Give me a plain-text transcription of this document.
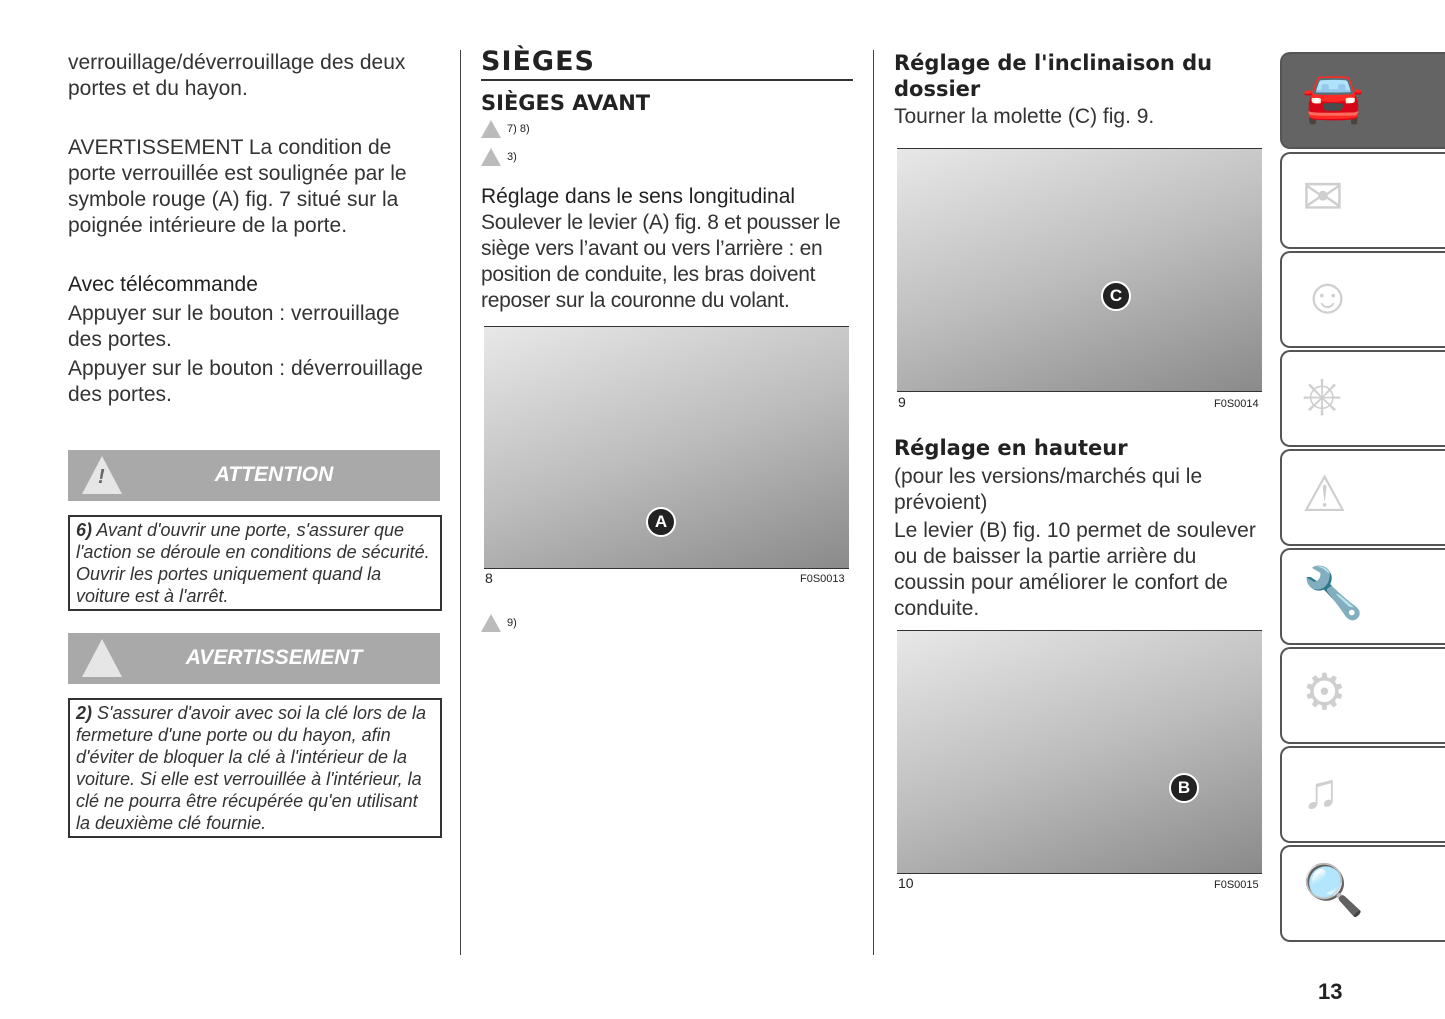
verrouillage/déverrouillage des deux portes et du hayon.

AVERTISSEMENT La condition de porte verrouillée est soulignée par le symbole rouge (A) fig. 7 situé sur la poignée intérieure de la porte.

Avec télécommande

Appuyer sur le bouton : verrouillage des portes.

Appuyer sur le bouton : déverrouillage des portes.

!	ATTENTION
6) Avant d'ouvrir une porte, s'assurer que l'action se déroule en conditions de sécurité. Ouvrir les portes uniquement quand la voiture est à l'arrêt.
AVERTISSEMENT
2) S'assurer d'avoir avec soi la clé lors de la fermeture d'une porte ou du hayon, afin d'éviter de bloquer la clé à l'intérieur de la voiture. Si elle est verrouillée à l'intérieur, la clé ne pourra être récupérée qu'en utilisant la deuxième clé fournie.
SIÈGES
SIÈGES AVANT
7) 8)
3)
Réglage dans le sens longitudinal

Soulever le levier (A) fig. 8 et pousser le siège vers l’avant ou vers l’arrière : en position de conduite, les bras doivent reposer sur la couronne du volant.

A
8	F0S0013
9)
Réglage de l'inclinaison du dossier

Tourner la molette (C) fig. 9.

C
9	F0S0014
Réglage en hauteur

(pour les versions/marchés qui le prévoient)

Le levier (B) fig. 10 permet de soulever ou de baisser la partie arrière du coussin pour améliorer le confort de conduite.

B
10	F0S0015
🚘
✉
☺
⎈
⚠
🔧
⚙
♫
🔍
13
